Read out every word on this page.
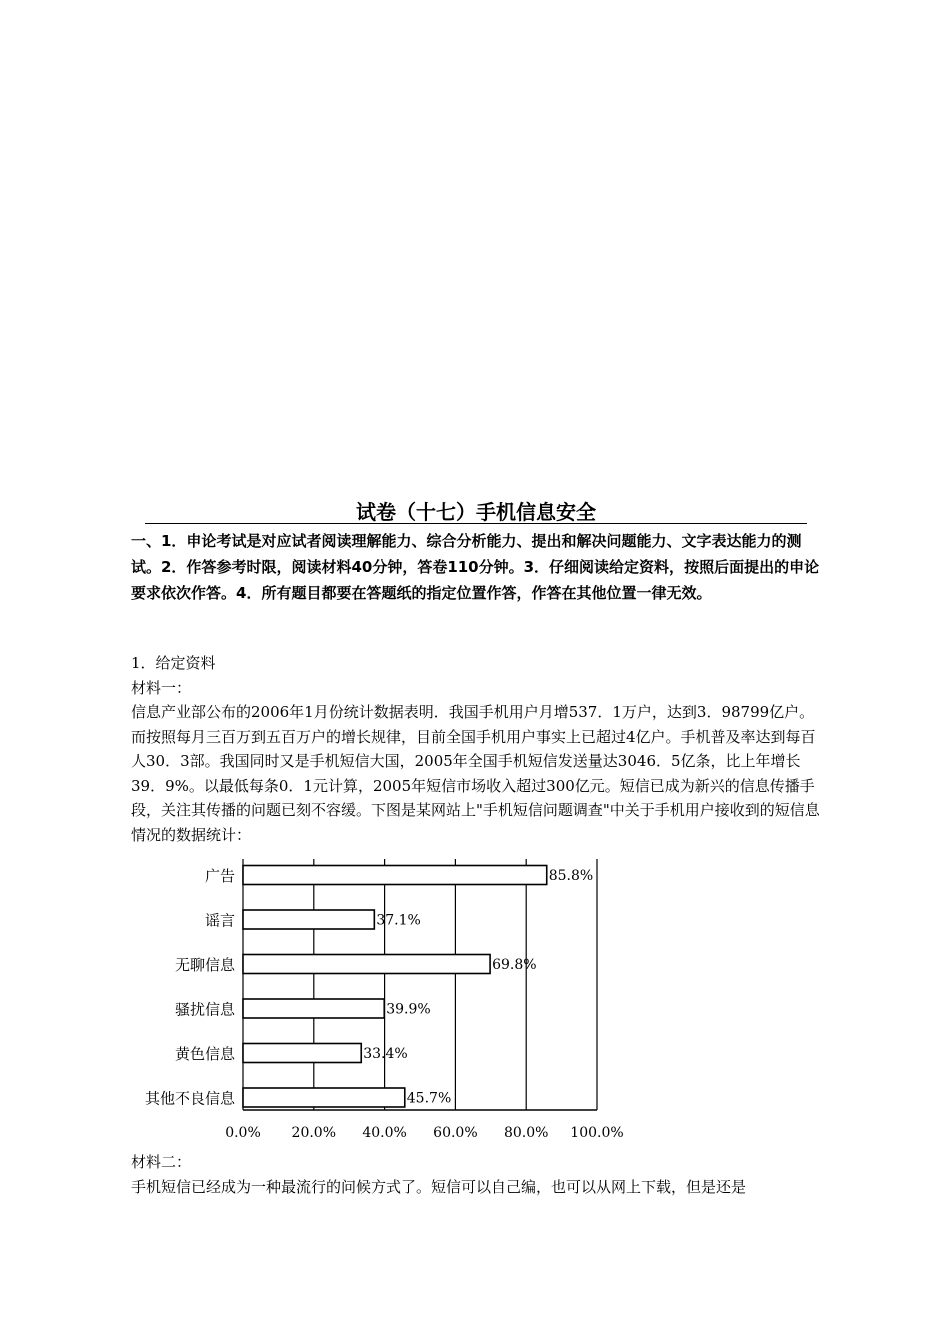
试卷（十七）手机信息安全
一、1．申论考试是对应试者阅读理解能力、综合分析能力、提出和解决问题能力、文字表达能力的测试。2．作答参考时限，阅读材料40分钟，答卷110分钟。3．仔细阅读给定资料，按照后面提出的申论要求依次作答。4．所有题目都要在答题纸的指定位置作答，作答在其他位置一律无效。

1．给定资料

材料一：

信息产业部公布的2006年1月份统计数据表明．我国手机用户月增537．1万户，达到3．98799亿户。而按照每月三百万到五百万户的增长规律，目前全国手机用户事实上已超过4亿户。手机普及率达到每百人30．3部。我国同时又是手机短信大国，2005年全国手机短信发送量达3046．5亿条，比上年增长39．9%。以最低每条0．1元计算，2005年短信市场收入超过300亿元。短信已成为新兴的信息传播手段，关注其传播的问题已刻不容缓。下图是某网站上"手机短信问题调查"中关于手机用户接收到的短信息情况的数据统计：

广告
谣言
无聊信息
骚扰信息
黄色信息
其他不良信息
85.8%
37.1%
69.8%
39.9%
33.4%
45.7%
0.0% 20.0% 40.0% 60.0% 80.0% 100.0%

材料二：

手机短信已经成为一种最流行的问候方式了。短信可以自己编，也可以从网上下载，但是还是
